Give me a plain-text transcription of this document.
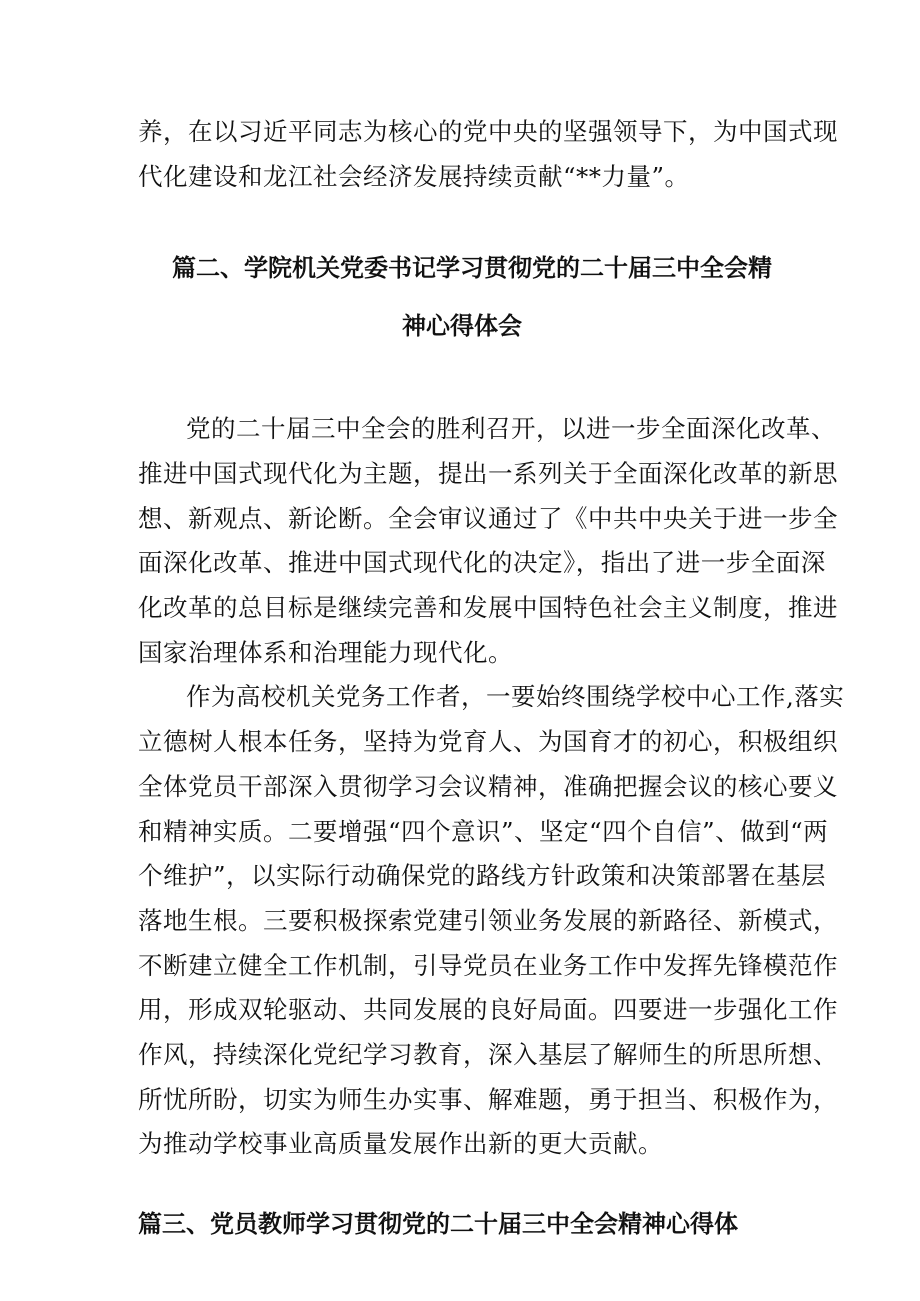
养，在以习近平同志为核心的党中央的坚强领导下，为中国式现
代化建设和龙江社会经济发展持续贡献“**力量”。
篇二、学院机关党委书记学习贯彻党的二十届三中全会精
神心得体会
党的二十届三中全会的胜利召开，以进一步全面深化改革、
推进中国式现代化为主题，提出一系列关于全面深化改革的新思
想、新观点、新论断。全会审议通过了《中共中央关于进一步全
面深化改革、推进中国式现代化的决定》，指出了进一步全面深
化改革的总目标是继续完善和发展中国特色社会主义制度，推进
国家治理体系和治理能力现代化。
作为高校机关党务工作者，一要始终围绕学校中心工作,落实
立德树人根本任务，坚持为党育人、为国育才的初心，积极组织
全体党员干部深入贯彻学习会议精神，准确把握会议的核心要义
和精神实质。二要增强“四个意识”、坚定“四个自信”、做到“两
个维护”，以实际行动确保党的路线方针政策和决策部署在基层
落地生根。三要积极探索党建引领业务发展的新路径、新模式，
不断建立健全工作机制，引导党员在业务工作中发挥先锋模范作
用，形成双轮驱动、共同发展的良好局面。四要进一步强化工作
作风，持续深化党纪学习教育，深入基层了解师生的所思所想、
所忧所盼，切实为师生办实事、解难题，勇于担当、积极作为，
为推动学校事业高质量发展作出新的更大贡献。
篇三、党员教师学习贯彻党的二十届三中全会精神心得体
